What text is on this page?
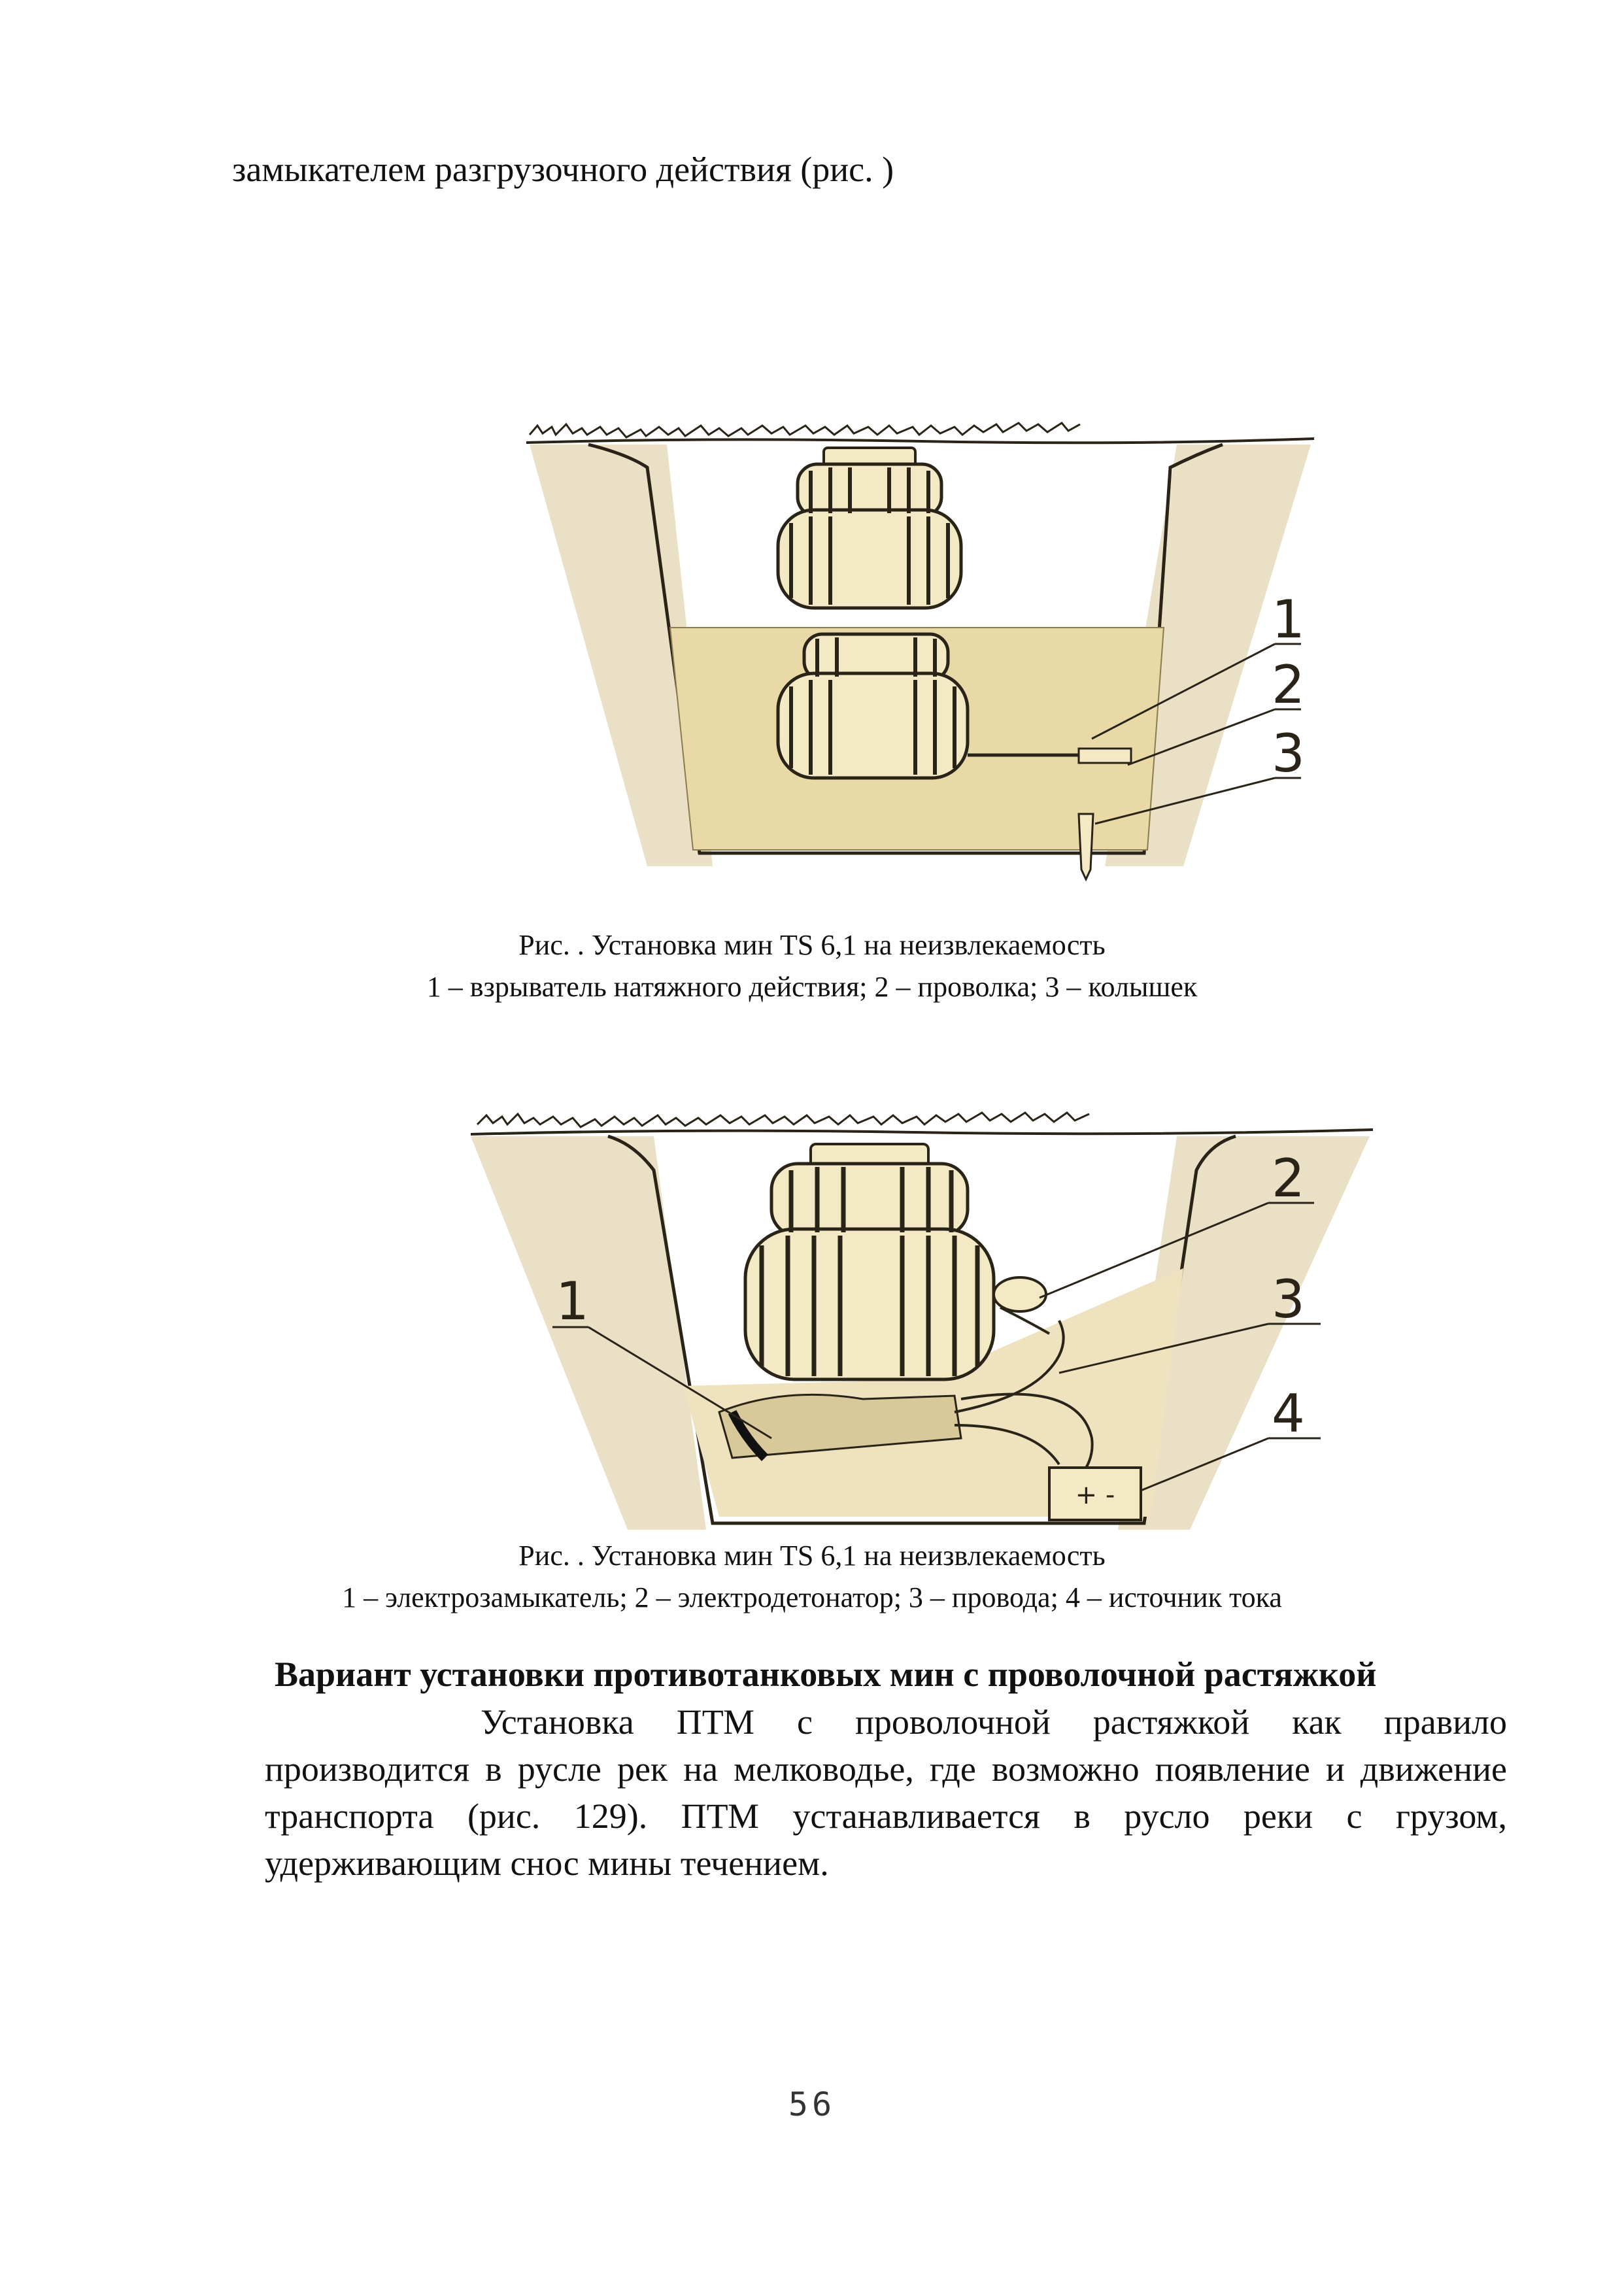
замыкателем разгрузочного действия (рис. )
1
2
3
Рис. . Установка мин TS 6,1 на неизвлекаемость
1 – взрыватель натяжного действия; 2 – проволка; 3 – колышек
+ -
1
2
3
4
Рис. . Установка мин TS 6,1 на неизвлекаемость
1 – электрозамыкатель; 2 – электродетонатор; 3 – провода; 4 – источник тока
Вариант установки противотанковых мин с проволочной растяжкой
Установка ПТМ с проволочной растяжкой как правило производится в русле рек на мелководье, где возможно появление и движение транспорта (рис. 129). ПТМ устанавливается в русло реки с грузом, удерживающим снос мины течением.
56
